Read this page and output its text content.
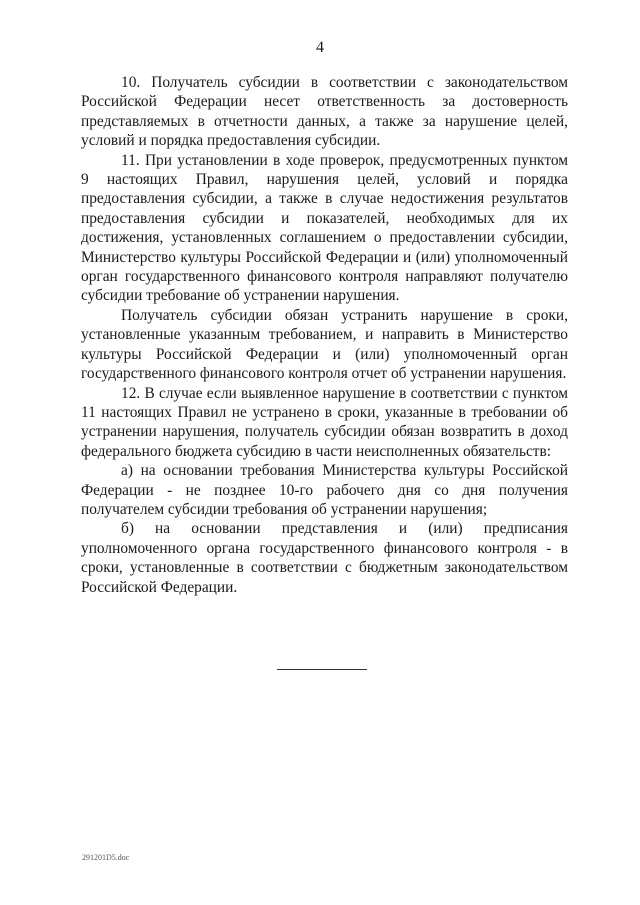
4

10. Получатель субсидии в соответствии с законодательством Российской Федерации несет ответственность за достоверность представляемых в отчетности данных, а также за нарушение целей, условий и порядка предоставления субсидии.

11. При установлении в ходе проверок, предусмотренных пунктом 9 настоящих Правил, нарушения целей, условий и порядка предоставления субсидии, а также в случае недостижения результатов предоставления субсидии и показателей, необходимых для их достижения, установленных соглашением о предоставлении субсидии, Министерство культуры Российской Федерации и (или) уполномоченный орган государственного финансового контроля направляют получателю субсидии требование об устранении нарушения.

Получатель субсидии обязан устранить нарушение в сроки, установленные указанным требованием, и направить в Министерство культуры Российской Федерации и (или) уполномоченный орган государственного финансового контроля отчет об устранении нарушения.

12. В случае если выявленное нарушение в соответствии с пунктом 11 настоящих Правил не устранено в сроки, указанные в требовании об устранении нарушения, получатель субсидии обязан возвратить в доход федерального бюджета субсидию в части неисполненных обязательств:

а) на основании требования Министерства культуры Российской Федерации - не позднее 10-го рабочего дня со дня получения получателем субсидии требования об устранении нарушения;

б) на основании представления и (или) предписания уполномоченного органа государственного финансового контроля - в сроки, установленные в соответствии с бюджетным законодательством Российской Федерации.

291201D5.doc
